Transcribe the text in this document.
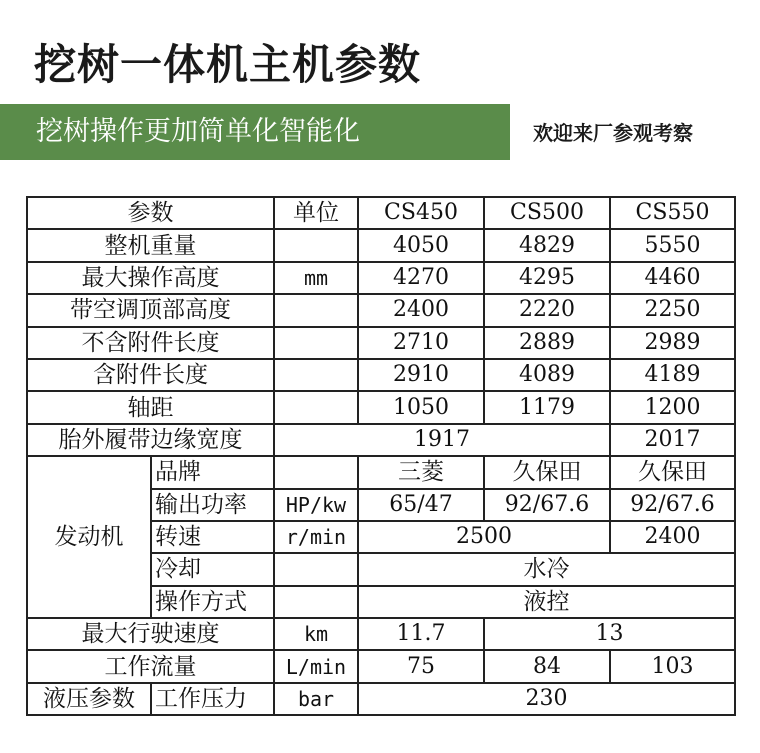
挖树一体机主机参数
挖树操作更加简单化智能化	欢迎来厂参观考察
参数		单位	CS450	CS500	CS550
整机重量			4050	4829	5550
最大操作高度		mm	4270	4295	4460
带空调顶部高度			2400	2220	2250
不含附件长度			2710	2889	2989
含附件长度			2910	4089	4189
轴距			1050	1179	1200
胎外履带边缘宽度		1917			2017
发动机	品牌		三菱	久保田	久保田
	输出功率	HP/kw	65/47	92/67.6	92/67.6
	转速	r/min	2500		2400
	冷却		水冷		
	操作方式		液控		
最大行驶速度		km	11.7	13	
工作流量		L/min	75	84	103
液压参数	工作压力	bar	230		
